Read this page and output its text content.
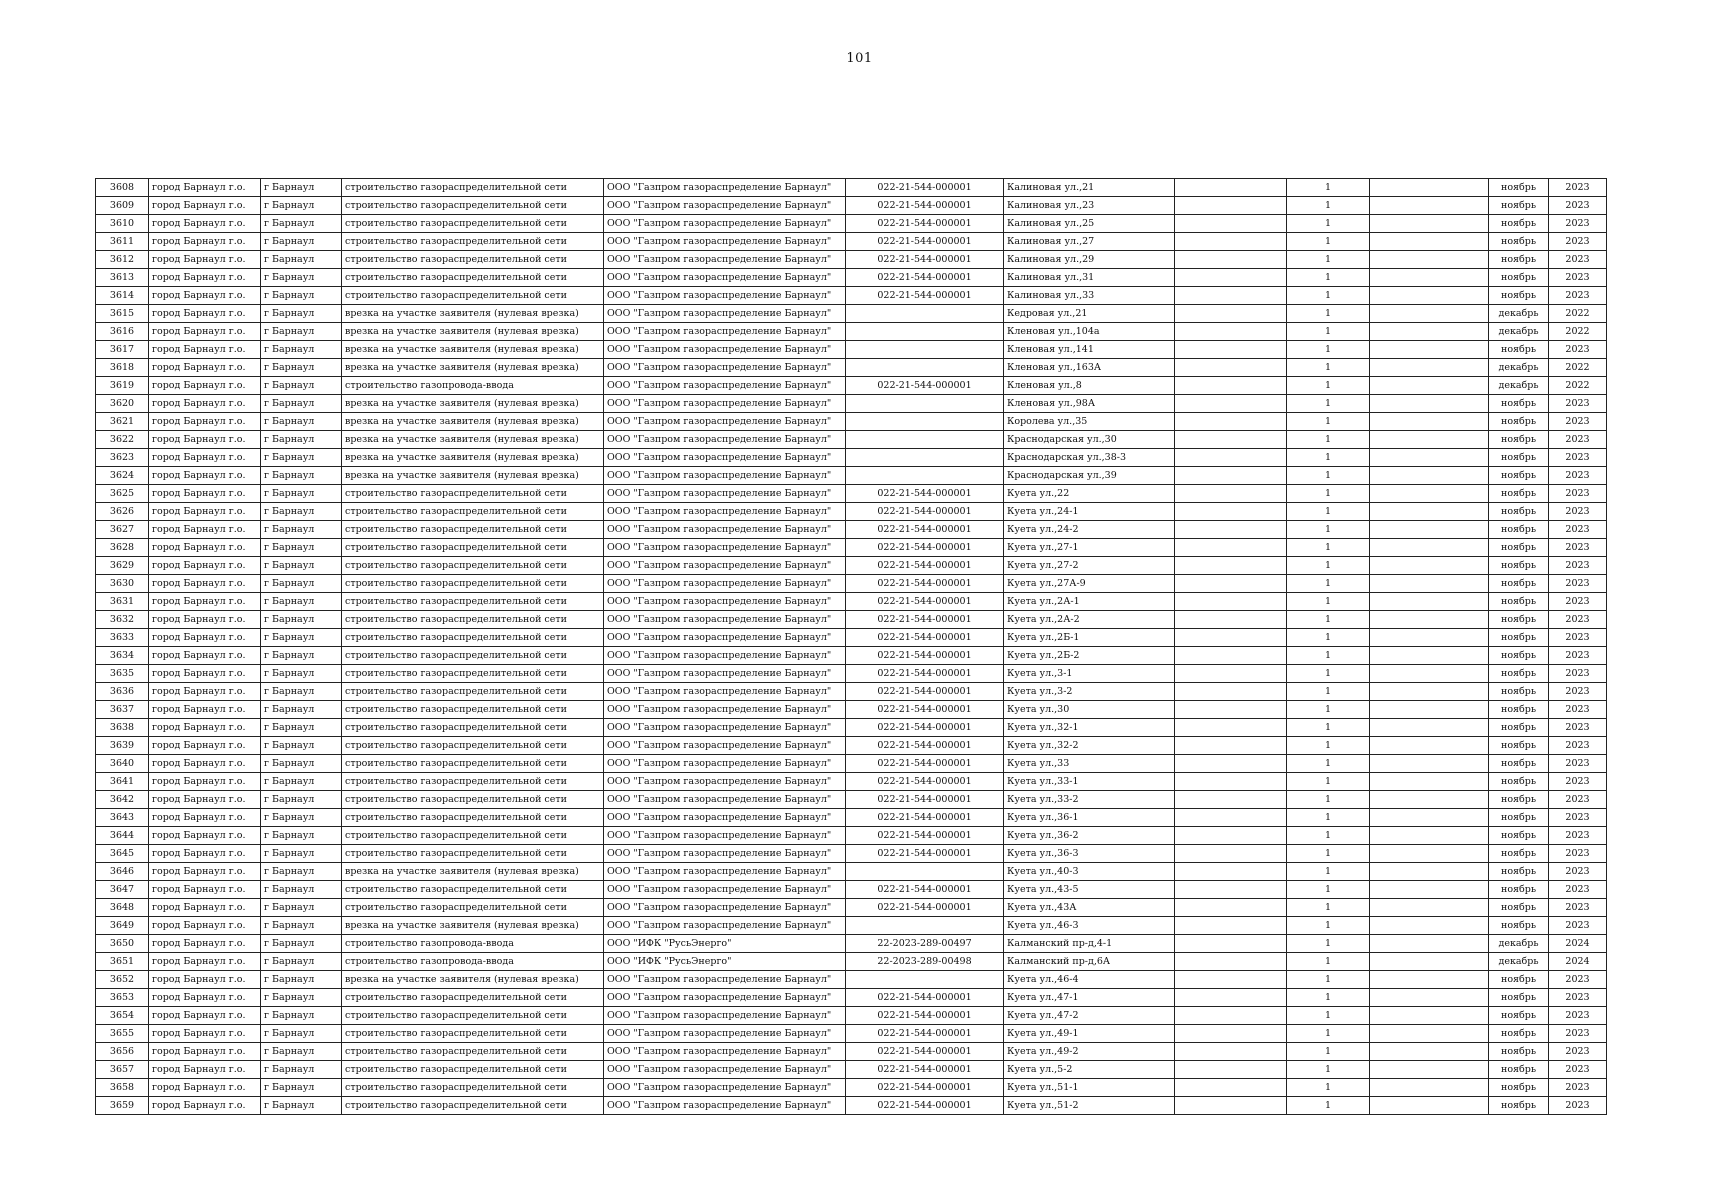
101
3608	город Барнаул г.о.	г Барнаул	строительство газораспределительной сети	ООО "Газпром газораспределение Барнаул"	022-21-544-000001	Калиновая ул.,21		1		ноябрь	2023
3609	город Барнаул г.о.	г Барнаул	строительство газораспределительной сети	ООО "Газпром газораспределение Барнаул"	022-21-544-000001	Калиновая ул.,23		1		ноябрь	2023
3610	город Барнаул г.о.	г Барнаул	строительство газораспределительной сети	ООО "Газпром газораспределение Барнаул"	022-21-544-000001	Калиновая ул.,25		1		ноябрь	2023
3611	город Барнаул г.о.	г Барнаул	строительство газораспределительной сети	ООО "Газпром газораспределение Барнаул"	022-21-544-000001	Калиновая ул.,27		1		ноябрь	2023
3612	город Барнаул г.о.	г Барнаул	строительство газораспределительной сети	ООО "Газпром газораспределение Барнаул"	022-21-544-000001	Калиновая ул.,29		1		ноябрь	2023
3613	город Барнаул г.о.	г Барнаул	строительство газораспределительной сети	ООО "Газпром газораспределение Барнаул"	022-21-544-000001	Калиновая ул.,31		1		ноябрь	2023
3614	город Барнаул г.о.	г Барнаул	строительство газораспределительной сети	ООО "Газпром газораспределение Барнаул"	022-21-544-000001	Калиновая ул.,33		1		ноябрь	2023
3615	город Барнаул г.о.	г Барнаул	врезка на участке заявителя (нулевая врезка)	ООО "Газпром газораспределение Барнаул"		Кедровая ул.,21		1		декабрь	2022
3616	город Барнаул г.о.	г Барнаул	врезка на участке заявителя (нулевая врезка)	ООО "Газпром газораспределение Барнаул"		Кленовая ул.,104а		1		декабрь	2022
3617	город Барнаул г.о.	г Барнаул	врезка на участке заявителя (нулевая врезка)	ООО "Газпром газораспределение Барнаул"		Кленовая ул.,141		1		ноябрь	2023
3618	город Барнаул г.о.	г Барнаул	врезка на участке заявителя (нулевая врезка)	ООО "Газпром газораспределение Барнаул"		Кленовая ул.,163А		1		декабрь	2022
3619	город Барнаул г.о.	г Барнаул	строительство газопровода-ввода	ООО "Газпром газораспределение Барнаул"	022-21-544-000001	Кленовая ул.,8		1		декабрь	2022
3620	город Барнаул г.о.	г Барнаул	врезка на участке заявителя (нулевая врезка)	ООО "Газпром газораспределение Барнаул"		Кленовая ул.,98А		1		ноябрь	2023
3621	город Барнаул г.о.	г Барнаул	врезка на участке заявителя (нулевая врезка)	ООО "Газпром газораспределение Барнаул"		Королева ул.,35		1		ноябрь	2023
3622	город Барнаул г.о.	г Барнаул	врезка на участке заявителя (нулевая врезка)	ООО "Газпром газораспределение Барнаул"		Краснодарская ул.,30		1		ноябрь	2023
3623	город Барнаул г.о.	г Барнаул	врезка на участке заявителя (нулевая врезка)	ООО "Газпром газораспределение Барнаул"		Краснодарская ул.,38-3		1		ноябрь	2023
3624	город Барнаул г.о.	г Барнаул	врезка на участке заявителя (нулевая врезка)	ООО "Газпром газораспределение Барнаул"		Краснодарская ул.,39		1		ноябрь	2023
3625	город Барнаул г.о.	г Барнаул	строительство газораспределительной сети	ООО "Газпром газораспределение Барнаул"	022-21-544-000001	Куета ул.,22		1		ноябрь	2023
3626	город Барнаул г.о.	г Барнаул	строительство газораспределительной сети	ООО "Газпром газораспределение Барнаул"	022-21-544-000001	Куета ул.,24-1		1		ноябрь	2023
3627	город Барнаул г.о.	г Барнаул	строительство газораспределительной сети	ООО "Газпром газораспределение Барнаул"	022-21-544-000001	Куета ул.,24-2		1		ноябрь	2023
3628	город Барнаул г.о.	г Барнаул	строительство газораспределительной сети	ООО "Газпром газораспределение Барнаул"	022-21-544-000001	Куета ул.,27-1		1		ноябрь	2023
3629	город Барнаул г.о.	г Барнаул	строительство газораспределительной сети	ООО "Газпром газораспределение Барнаул"	022-21-544-000001	Куета ул.,27-2		1		ноябрь	2023
3630	город Барнаул г.о.	г Барнаул	строительство газораспределительной сети	ООО "Газпром газораспределение Барнаул"	022-21-544-000001	Куета ул.,27А-9		1		ноябрь	2023
3631	город Барнаул г.о.	г Барнаул	строительство газораспределительной сети	ООО "Газпром газораспределение Барнаул"	022-21-544-000001	Куета ул.,2А-1		1		ноябрь	2023
3632	город Барнаул г.о.	г Барнаул	строительство газораспределительной сети	ООО "Газпром газораспределение Барнаул"	022-21-544-000001	Куета ул.,2А-2		1		ноябрь	2023
3633	город Барнаул г.о.	г Барнаул	строительство газораспределительной сети	ООО "Газпром газораспределение Барнаул"	022-21-544-000001	Куета ул.,2Б-1		1		ноябрь	2023
3634	город Барнаул г.о.	г Барнаул	строительство газораспределительной сети	ООО "Газпром газораспределение Барнаул"	022-21-544-000001	Куета ул.,2Б-2		1		ноябрь	2023
3635	город Барнаул г.о.	г Барнаул	строительство газораспределительной сети	ООО "Газпром газораспределение Барнаул"	022-21-544-000001	Куета ул.,3-1		1		ноябрь	2023
3636	город Барнаул г.о.	г Барнаул	строительство газораспределительной сети	ООО "Газпром газораспределение Барнаул"	022-21-544-000001	Куета ул.,3-2		1		ноябрь	2023
3637	город Барнаул г.о.	г Барнаул	строительство газораспределительной сети	ООО "Газпром газораспределение Барнаул"	022-21-544-000001	Куета ул.,30		1		ноябрь	2023
3638	город Барнаул г.о.	г Барнаул	строительство газораспределительной сети	ООО "Газпром газораспределение Барнаул"	022-21-544-000001	Куета ул.,32-1		1		ноябрь	2023
3639	город Барнаул г.о.	г Барнаул	строительство газораспределительной сети	ООО "Газпром газораспределение Барнаул"	022-21-544-000001	Куета ул.,32-2		1		ноябрь	2023
3640	город Барнаул г.о.	г Барнаул	строительство газораспределительной сети	ООО "Газпром газораспределение Барнаул"	022-21-544-000001	Куета ул.,33		1		ноябрь	2023
3641	город Барнаул г.о.	г Барнаул	строительство газораспределительной сети	ООО "Газпром газораспределение Барнаул"	022-21-544-000001	Куета ул.,33-1		1		ноябрь	2023
3642	город Барнаул г.о.	г Барнаул	строительство газораспределительной сети	ООО "Газпром газораспределение Барнаул"	022-21-544-000001	Куета ул.,33-2		1		ноябрь	2023
3643	город Барнаул г.о.	г Барнаул	строительство газораспределительной сети	ООО "Газпром газораспределение Барнаул"	022-21-544-000001	Куета ул.,36-1		1		ноябрь	2023
3644	город Барнаул г.о.	г Барнаул	строительство газораспределительной сети	ООО "Газпром газораспределение Барнаул"	022-21-544-000001	Куета ул.,36-2		1		ноябрь	2023
3645	город Барнаул г.о.	г Барнаул	строительство газораспределительной сети	ООО "Газпром газораспределение Барнаул"	022-21-544-000001	Куета ул.,36-3		1		ноябрь	2023
3646	город Барнаул г.о.	г Барнаул	врезка на участке заявителя (нулевая врезка)	ООО "Газпром газораспределение Барнаул"		Куета ул.,40-3		1		ноябрь	2023
3647	город Барнаул г.о.	г Барнаул	строительство газораспределительной сети	ООО "Газпром газораспределение Барнаул"	022-21-544-000001	Куета ул.,43-5		1		ноябрь	2023
3648	город Барнаул г.о.	г Барнаул	строительство газораспределительной сети	ООО "Газпром газораспределение Барнаул"	022-21-544-000001	Куета ул.,43А		1		ноябрь	2023
3649	город Барнаул г.о.	г Барнаул	врезка на участке заявителя (нулевая врезка)	ООО "Газпром газораспределение Барнаул"		Куета ул.,46-3		1		ноябрь	2023
3650	город Барнаул г.о.	г Барнаул	строительство газопровода-ввода	ООО "ИФК "РусьЭнерго"	22-2023-289-00497	Калманский пр-д,4-1		1		декабрь	2024
3651	город Барнаул г.о.	г Барнаул	строительство газопровода-ввода	ООО "ИФК "РусьЭнерго"	22-2023-289-00498	Калманский пр-д,6А		1		декабрь	2024
3652	город Барнаул г.о.	г Барнаул	врезка на участке заявителя (нулевая врезка)	ООО "Газпром газораспределение Барнаул"		Куета ул.,46-4		1		ноябрь	2023
3653	город Барнаул г.о.	г Барнаул	строительство газораспределительной сети	ООО "Газпром газораспределение Барнаул"	022-21-544-000001	Куета ул.,47-1		1		ноябрь	2023
3654	город Барнаул г.о.	г Барнаул	строительство газораспределительной сети	ООО "Газпром газораспределение Барнаул"	022-21-544-000001	Куета ул.,47-2		1		ноябрь	2023
3655	город Барнаул г.о.	г Барнаул	строительство газораспределительной сети	ООО "Газпром газораспределение Барнаул"	022-21-544-000001	Куета ул.,49-1		1		ноябрь	2023
3656	город Барнаул г.о.	г Барнаул	строительство газораспределительной сети	ООО "Газпром газораспределение Барнаул"	022-21-544-000001	Куета ул.,49-2		1		ноябрь	2023
3657	город Барнаул г.о.	г Барнаул	строительство газораспределительной сети	ООО "Газпром газораспределение Барнаул"	022-21-544-000001	Куета ул.,5-2		1		ноябрь	2023
3658	город Барнаул г.о.	г Барнаул	строительство газораспределительной сети	ООО "Газпром газораспределение Барнаул"	022-21-544-000001	Куета ул.,51-1		1		ноябрь	2023
3659	город Барнаул г.о.	г Барнаул	строительство газораспределительной сети	ООО "Газпром газораспределение Барнаул"	022-21-544-000001	Куета ул.,51-2		1		ноябрь	2023
